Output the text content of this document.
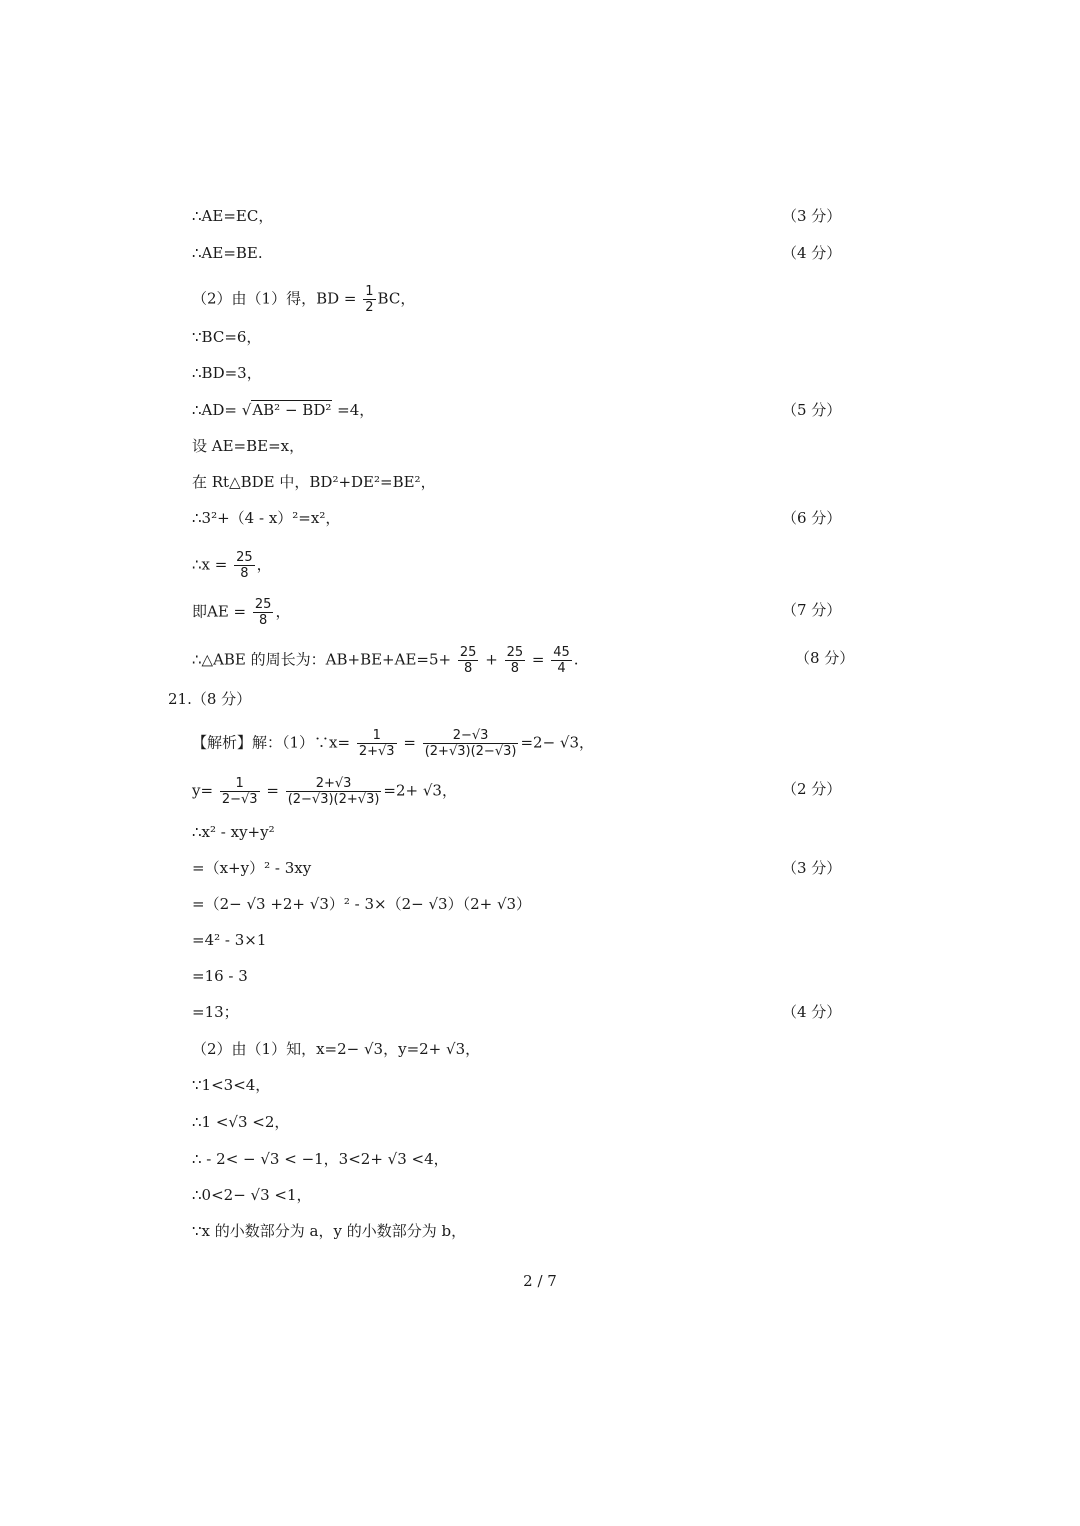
∴AE=EC，	（3 分）
∴AE=BE.	（4 分）
（2）由（1）得，BD = $\frac{1}{2}$ BC，
∵BC=6，
∴BD=3，
∴AD= √AB² − BD² =4，	（5 分）
设 AE=BE=x，
在 Rt△BDE 中，BD²+DE²=BE²，
∴3²+（4 - x）²=x²，	（6 分）
∴x = $\frac{25}{8}$ ，
即AE = $\frac{25}{8}$ ，	（7 分）
∴△ABE 的周长为：$AB+BE+AE=5+ \frac{25}{8} + \frac{25}{8} = \frac{45}{4}$ .	（8 分）
21.（8 分）
【解析】解：（1）∵x= $\frac{1}{2+√3} = \frac{2-√3}{(2+√3)(2-√3)} =2- √3$，
$y= \frac{1}{2-√3} = \frac{2+√3}{(2-√3)(2+√3)} =2+ √3$，	（2 分）
∴x² - xy+y²
=（x+y）² - 3xy	（3 分）
=（2− √3 +2+ √3）² - 3×（2− √3）（2+ √3）
=4² - 3×1
=16 - 3
=13；	（4 分）
（2）由（1）知，x=2− √3，y=2+ √3，
∵1<3<4，
∴1 <√3 <2，
∴ - 2< − √3 < −1，3<2+ √3 <4，
∴0<2− √3 <1，
∵x 的小数部分为 a，y 的小数部分为 b，
2 / 7
